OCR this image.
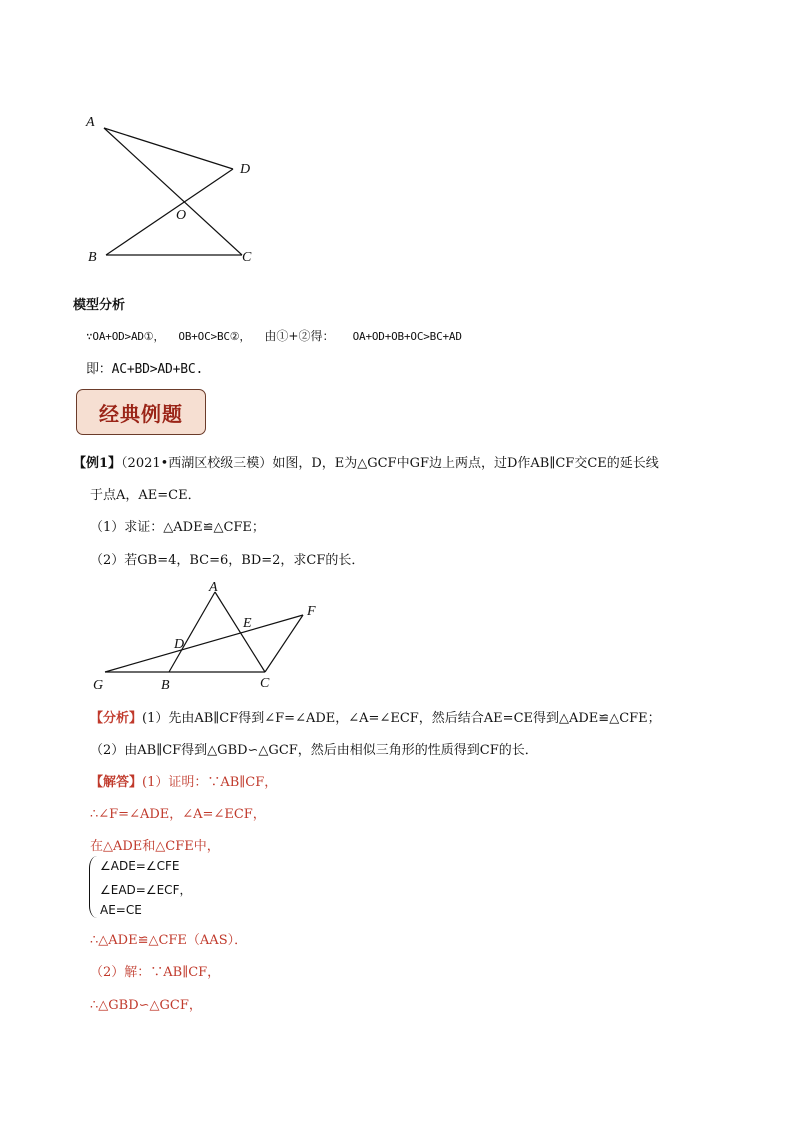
A
D
O
B	C
模型分析
∵OA+OD>AD①， OB+OC>BC②， 由①+②得： OA+OD+OB+OC>BC+AD
即：AC+BD>AD+BC.
经典例题
【例1】（2021•西湖区校级三模）如图，D，E为△GCF中GF边上两点，过D作AB∥CF交CE的延长线
于点A，AE=CE．
（1）求证：△ADE≌△CFE；
（2）若GB=4，BC=6，BD=2，求CF的长．
A
F
E
D
G	B	C
【分析】(1）先由AB∥CF得到∠F=∠ADE，∠A=∠ECF，然后结合AE=CE得到△ADE≌△CFE；
（2）由AB∥CF得到△GBD∽△GCF，然后由相似三角形的性质得到CF的长．
【解答】(1）证明：∵AB∥CF，
∴∠F=∠ADE，∠A=∠ECF，
在△ADE和△CFE中，
∠ADE=∠CFE
∠EAD=∠ECF，
AE=CE
∴△ADE≌△CFE（AAS）．
（2）解：∵AB∥CF，
∴△GBD∽△GCF，
